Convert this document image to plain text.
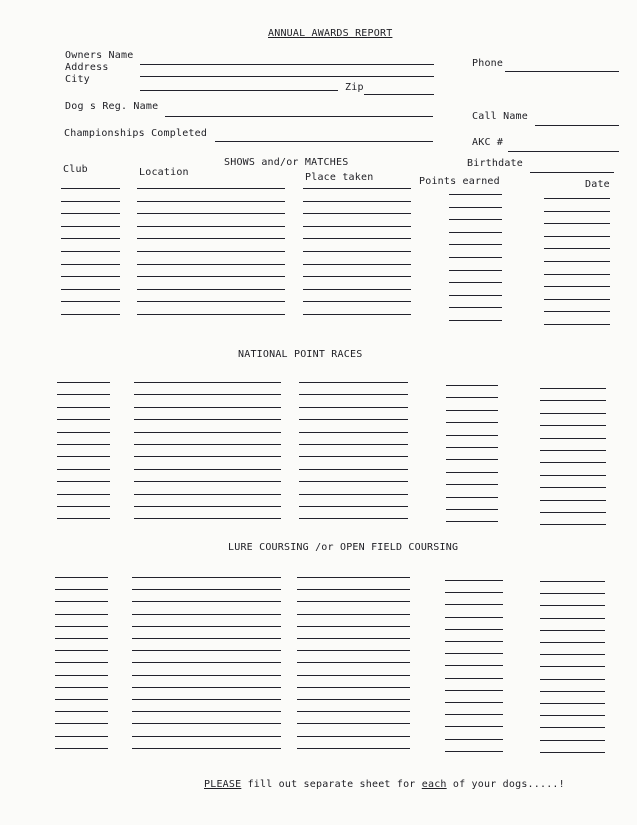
ANNUAL AWARDS REPORT
Owners Name
Address
City
Zip
Phone
Dog s Reg. Name
Call Name
Championships Completed
AKC #
SHOWS and/or MATCHES	Birthdate
Club	Location	Place taken	Points earned	Date
NATIONAL POINT RACES
LURE COURSING /or OPEN FIELD COURSING
PLEASE fill out separate sheet for each of your dogs.....!
